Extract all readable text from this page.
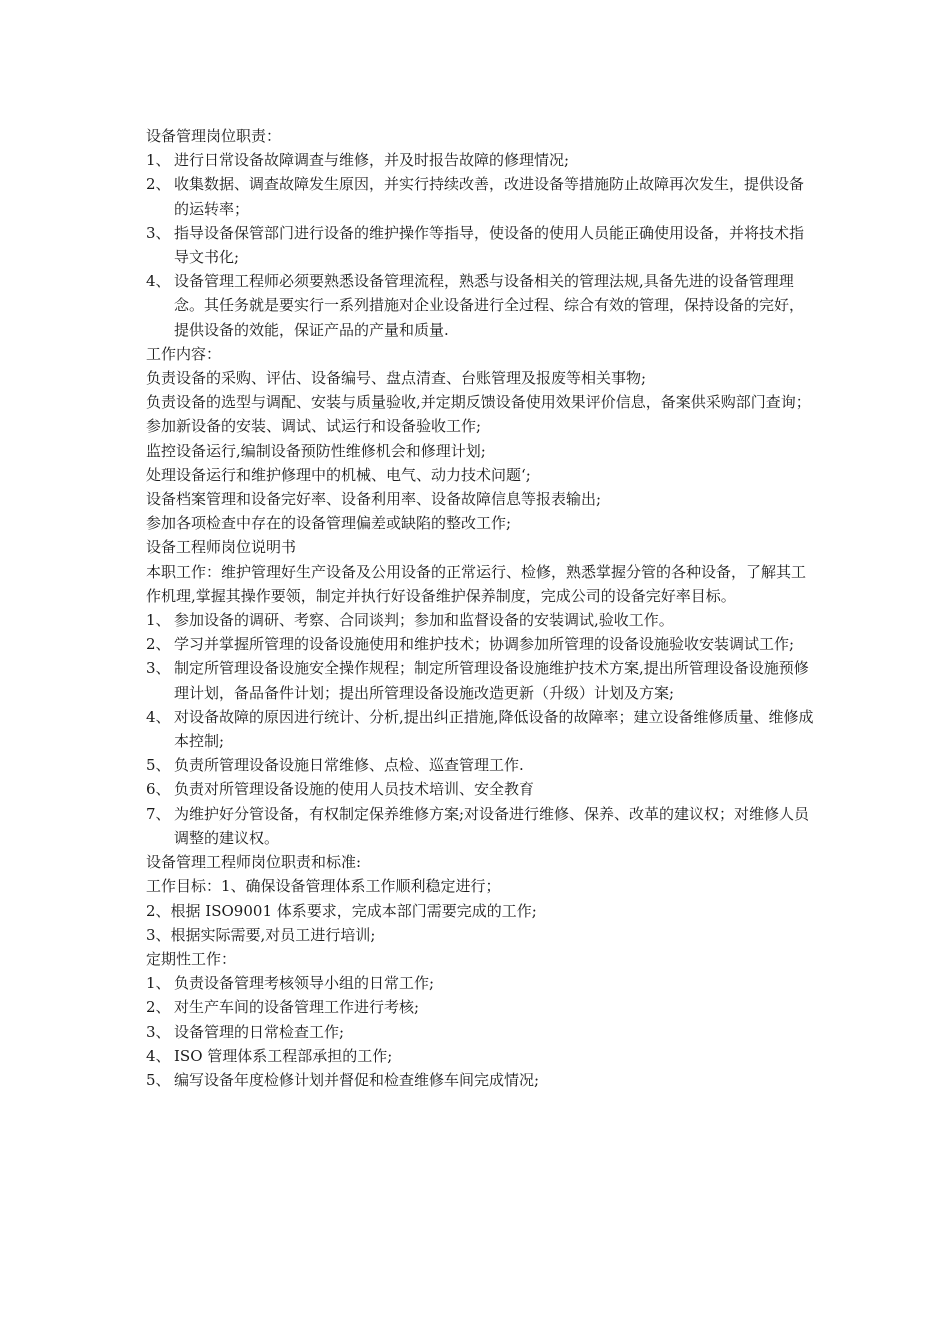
设备管理岗位职责：

1、 进行日常设备故障调查与维修，并及时报告故障的修理情况;
2、 收集数据、调查故障发生原因，并实行持续改善，改进设备等措施防止故障再次发生，提供设备的运转率；
3、 指导设备保管部门进行设备的维护操作等指导，使设备的使用人员能正确使用设备，并将技术指导文书化;
4、 设备管理工程师必须要熟悉设备管理流程，熟悉与设备相关的管理法规,具备先进的设备管理理念。其任务就是要实行一系列措施对企业设备进行全过程、综合有效的管理，保持设备的完好，提供设备的效能，保证产品的产量和质量.

工作内容：

负责设备的采购、评估、设备编号、盘点清查、台账管理及报废等相关事物;

负责设备的选型与调配、安装与质量验收,并定期反馈设备使用效果评价信息，备案供采购部门查询；

参加新设备的安装、调试、试运行和设备验收工作;

监控设备运行,编制设备预防性维修机会和修理计划;

处理设备运行和维护修理中的机械、电气、动力技术问题‘;

设备档案管理和设备完好率、设备利用率、设备故障信息等报表输出;

参加各项检查中存在的设备管理偏差或缺陷的整改工作;

设备工程师岗位说明书

本职工作：维护管理好生产设备及公用设备的正常运行、检修，熟悉掌握分管的各种设备，了解其工作机理,掌握其操作要领，制定并执行好设备维护保养制度，完成公司的设备完好率目标。

1、 参加设备的调研、考察、合同谈判；参加和监督设备的安装调试,验收工作。
2、 学习并掌握所管理的设备设施使用和维护技术；协调参加所管理的设备设施验收安装调试工作;
3、 制定所管理设备设施安全操作规程；制定所管理设备设施维护技术方案,提出所管理设备设施预修理计划，备品备件计划；提出所管理设备设施改造更新（升级）计划及方案;
4、 对设备故障的原因进行统计、分析,提出纠正措施,降低设备的故障率；建立设备维修质量、维修成本控制;
5、 负责所管理设备设施日常维修、点检、巡查管理工作.
6、 负责对所管理设备设施的使用人员技术培训、安全教育
7、 为维护好分管设备，有权制定保养维修方案;对设备进行维修、保养、改革的建议权；对维修人员调整的建议权。

设备管理工程师岗位职责和标准:

工作目标：1、确保设备管理体系工作顺利稳定进行；

2、根据 ISO9001 体系要求，完成本部门需要完成的工作;

3、根据实际需要,对员工进行培训;

定期性工作：

1、 负责设备管理考核领导小组的日常工作;
2、 对生产车间的设备管理工作进行考核;
3、 设备管理的日常检查工作;
4、 ISO 管理体系工程部承担的工作;
5、 编写设备年度检修计划并督促和检查维修车间完成情况;
